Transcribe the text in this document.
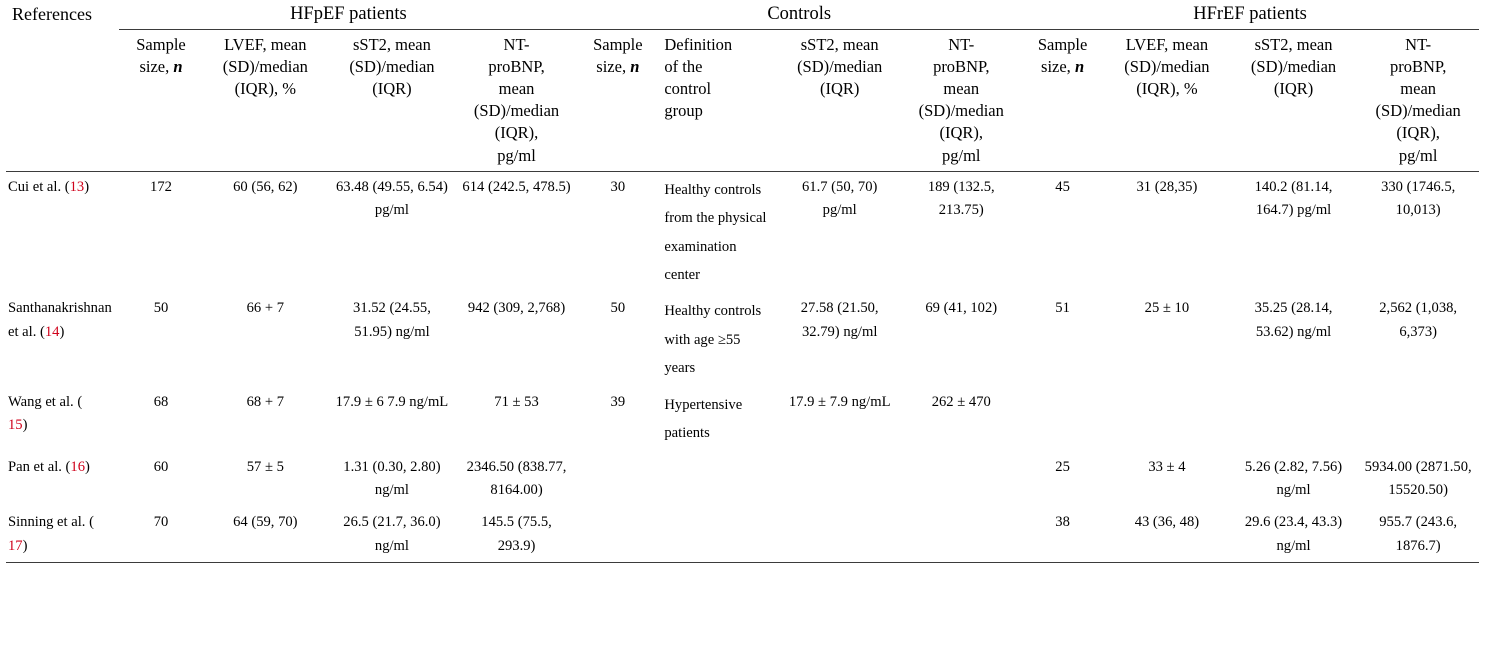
References	HFpEF patients				Controls				HFrEF patients			
	Sample
size, n	LVEF, mean
(SD)/median
(IQR), %	sST2, mean
(SD)/median
(IQR)	NT-
proBNP,
mean
(SD)/median
(IQR),
pg/ml	Sample
size, n	Definition
of the
control
group	sST2, mean
(SD)/median
(IQR)	NT-
proBNP,
mean
(SD)/median
(IQR),
pg/ml	Sample
size, n	LVEF, mean
(SD)/median
(IQR), %	sST2, mean
(SD)/median
(IQR)	NT-
proBNP,
mean
(SD)/median
(IQR),
pg/ml

Cui et al. (13)	172	60 (56, 62)	63.48 (49.55, 6.54) pg/ml	614 (242.5, 478.5)	30	Healthy controls from the physical examination center	61.7 (50, 70) pg/ml	189 (132.5, 213.75)	45	31 (28,35)	140.2 (81.14, 164.7) pg/ml	330 (1746.5, 10,013)
Santhanakrishnan et al. (14)	50	66 + 7	31.52 (24.55, 51.95) ng/ml	942 (309, 2,768)	50	Healthy controls with age ≥55 years	27.58 (21.50, 32.79) ng/ml	69 (41, 102)	51	25 ± 10	35.25 (28.14, 53.62) ng/ml	2,562 (1,038, 6,373)
Wang et al. (
15)	68	68 + 7	17.9 ± 6 7.9 ng/mL	71 ± 53	39	Hypertensive patients	17.9 ± 7.9 ng/mL	262 ± 470				
Pan et al. (16)	60	57 ± 5	1.31 (0.30, 2.80) ng/ml	2346.50 (838.77, 8164.00)					25	33 ± 4	5.26 (2.82, 7.56) ng/ml	5934.00 (2871.50, 15520.50)
Sinning et al. (
17)	70	64 (59, 70)	26.5 (21.7, 36.0) ng/ml	145.5 (75.5, 293.9)					38	43 (36, 48)	29.6 (23.4, 43.3) ng/ml	955.7 (243.6, 1876.7)
